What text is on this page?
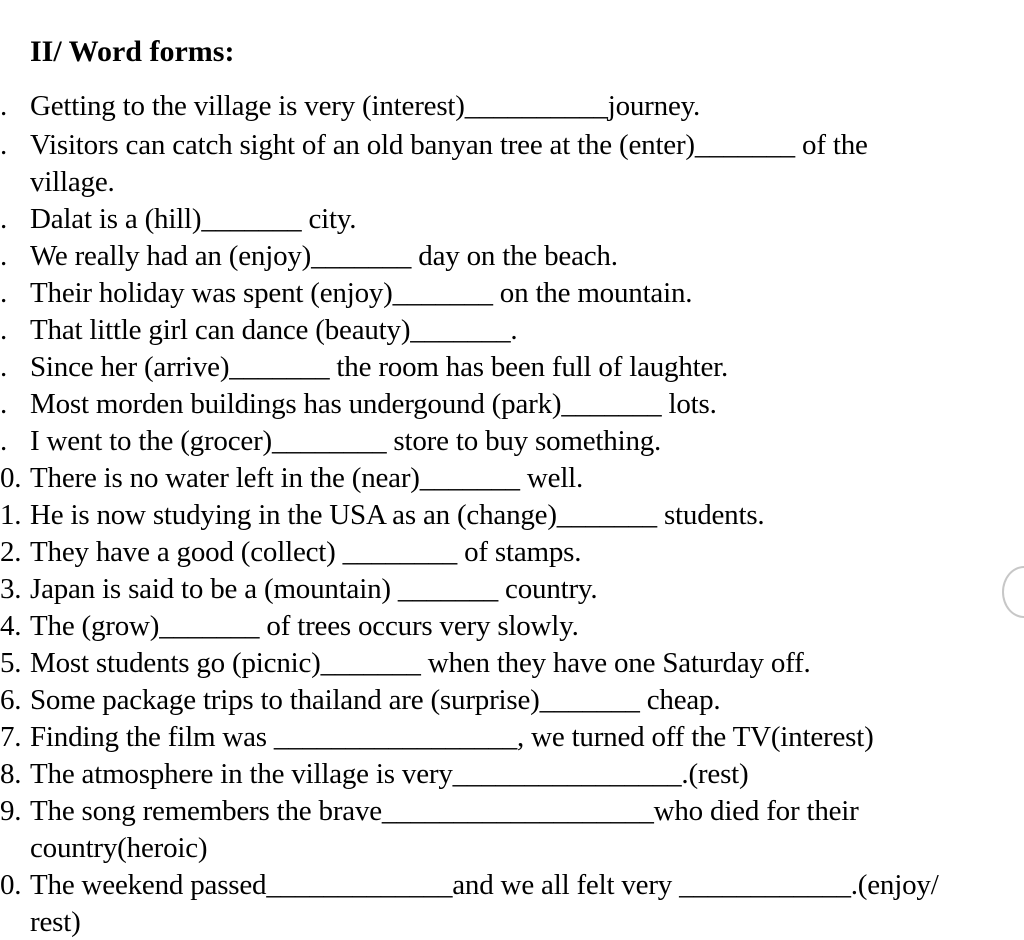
II/ Word forms:
. Getting to the village is very (interest)__________journey.
. Visitors can catch sight of an old banyan tree at the (enter)_______ of the
village.
. Dalat is a (hill)_______ city.
. We really had an (enjoy)_______ day on the beach.
. Their holiday was spent (enjoy)_______ on the mountain.
. That little girl can dance (beauty)_______.
. Since her (arrive)_______ the room has been full of laughter.
. Most morden buildings has undergound (park)_______ lots.
. I went to the (grocer)________ store to buy something.
0. There is no water left in the (near)_______ well.
1. He is now studying in the USA as an (change)_______ students.
2. They have a good (collect) ________ of stamps.
3. Japan is said to be a (mountain) _______ country.
4. The (grow)_______ of trees occurs very slowly.
5. Most students go (picnic)_______ when they have one Saturday off.
6. Some package trips to thailand are (surprise)_______ cheap.
7. Finding the film was _________________, we turned off the TV(interest)
8. The atmosphere in the village is very________________.(rest)
9. The song remembers the brave___________________who died for their
country(heroic)
0. The weekend passed_____________and we all felt very ____________.(enjoy/
rest)
